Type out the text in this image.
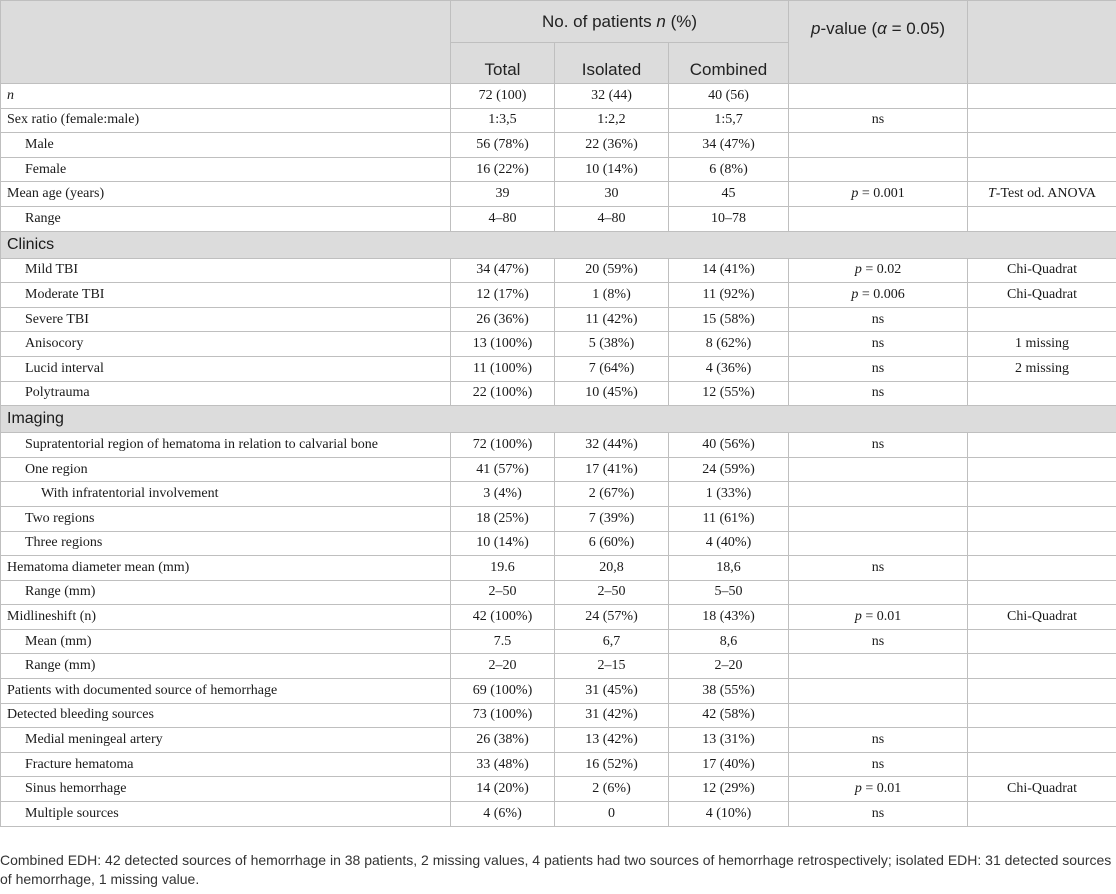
	No. of patients n (%)			p-value (α = 0.05)	
	Total	Isolated	Combined		
n	72 (100)	32 (44)	40 (56)		
Sex ratio (female:male)	1:3,5	1:2,2	1:5,7	ns	
Male	56 (78%)	22 (36%)	34 (47%)		
Female	16 (22%)	10 (14%)	6 (8%)		
Mean age (years)	39	30	45	p = 0.001	T-Test od. ANOVA
Range	4–80	4–80	10–78		
Clinics					
Mild TBI	34 (47%)	20 (59%)	14 (41%)	p = 0.02	Chi-Quadrat
Moderate TBI	12 (17%)	1 (8%)	11 (92%)	p = 0.006	Chi-Quadrat
Severe TBI	26 (36%)	11 (42%)	15 (58%)	ns	
Anisocory	13 (100%)	5 (38%)	8 (62%)	ns	1 missing
Lucid interval	11 (100%)	7 (64%)	4 (36%)	ns	2 missing
Polytrauma	22 (100%)	10 (45%)	12 (55%)	ns	
Imaging					
Supratentorial region of hematoma in relation to calvarial bone	72 (100%)	32 (44%)	40 (56%)	ns	
One region	41 (57%)	17 (41%)	24 (59%)		
With infratentorial involvement	3 (4%)	2 (67%)	1 (33%)		
Two regions	18 (25%)	7 (39%)	11 (61%)		
Three regions	10 (14%)	6 (60%)	4 (40%)		
Hematoma diameter mean (mm)	19.6	20,8	18,6	ns	
Range (mm)	2–50	2–50	5–50		
Midlineshift (n)	42 (100%)	24 (57%)	18 (43%)	p = 0.01	Chi-Quadrat
Mean (mm)	7.5	6,7	8,6	ns	
Range (mm)	2–20	2–15	2–20		
Patients with documented source of hemorrhage	69 (100%)	31 (45%)	38 (55%)		
Detected bleeding sources	73 (100%)	31 (42%)	42 (58%)		
Medial meningeal artery	26 (38%)	13 (42%)	13 (31%)	ns	
Fracture hematoma	33 (48%)	16 (52%)	17 (40%)	ns	
Sinus hemorrhage	14 (20%)	2 (6%)	12 (29%)	p = 0.01	Chi-Quadrat
Multiple sources	4 (6%)	0	4 (10%)	ns	
Combined EDH: 42 detected sources of hemorrhage in 38 patients, 2 missing values, 4 patients had two sources of hemorrhage retrospectively; isolated EDH: 31 detected sources of hemorrhage, 1 missing value.
